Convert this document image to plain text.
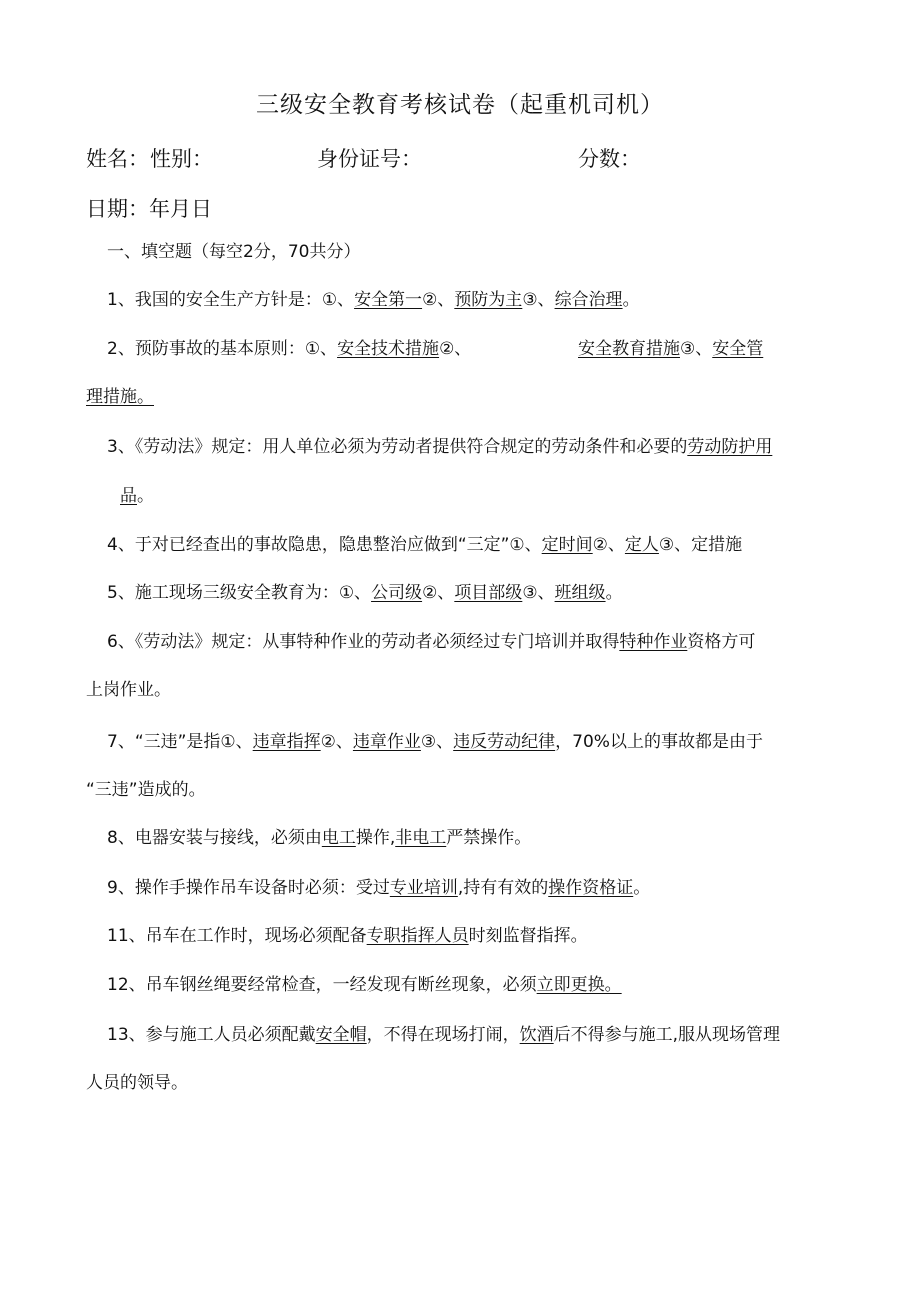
三级安全教育考核试卷（起重机司机）
姓名： 性别：	身份证号：	分数：
日期：年月日
一、填空题（每空2分，70共分）
1、我国的安全生产方针是：①、安全第一②、预防为主③、综合治理。
2、预防事故的基本原则：①、安全技术措施②、	安全教育措施③、安全管
理措施。
3、《劳动法》规定：用人单位必须为劳动者提供符合规定的劳动条件和必要的劳动防护用
品。
4、于对已经查出的事故隐患，隐患整治应做到“三定”①、定时间②、定人③、定措施
5、施工现场三级安全教育为：①、公司级②、项目部级③、班组级。
6、《劳动法》规定：从事特种作业的劳动者必须经过专门培训并取得特种作业资格方可
上岗作业。
7、“三违”是指①、违章指挥②、违章作业③、违反劳动纪律，70%以上的事故都是由于
“三违”造成的。
8、电器安装与接线，必须由电工操作,非电工严禁操作。
9、操作手操作吊车设备时必须：受过专业培训,持有有效的操作资格证。
11、吊车在工作时，现场必须配备专职指挥人员时刻监督指挥。
12、吊车钢丝绳要经常检查，一经发现有断丝现象，必须立即更换。
13、参与施工人员必须配戴安全帽，不得在现场打闹，饮酒后不得参与施工,服从现场管理
人员的领导。
